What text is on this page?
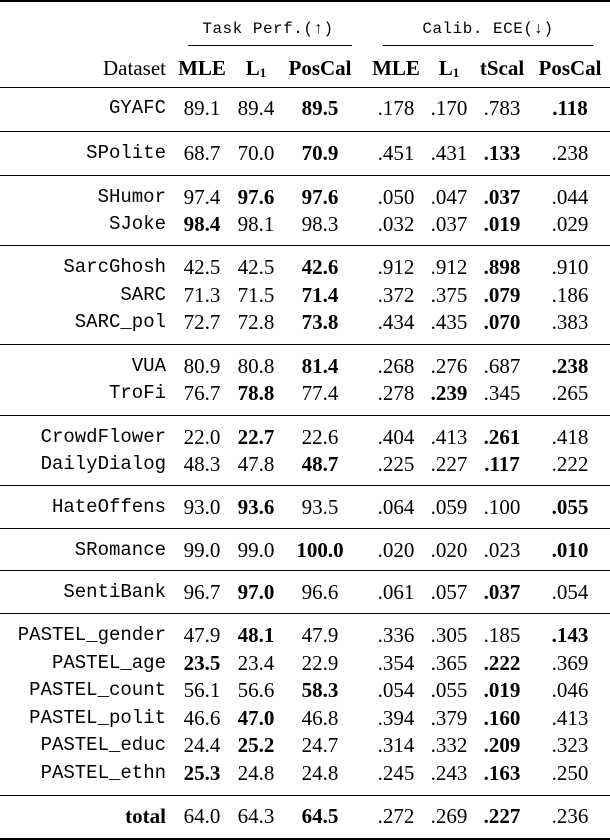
Task Perf.(↑)	Calib. ECE(↓)
Dataset MLE $L_1$ PosCal MLE $L_1$ tScal PosCal
GYAFC 89.1 89.4 89.5 .178 .170 .783 .118
SPolite 68.7 70.0 70.9 .451 .431 .133 .238
SHumor 97.4 97.6 97.6 .050 .047 .037 .044
SJoke 98.4 98.1 98.3 .032 .037 .019 .029
SarcGhosh 42.5 42.5 42.6 .912 .912 .898 .910
SARC 71.3 71.5 71.4 .372 .375 .079 .186
SARC_pol 72.7 72.8 73.8 .434 .435 .070 .383
VUA 80.9 80.8 81.4 .268 .276 .687 .238
TroFi 76.7 78.8 77.4 .278 .239 .345 .265
CrowdFlower 22.0 22.7 22.6 .404 .413 .261 .418
DailyDialog 48.3 47.8 48.7 .225 .227 .117 .222
HateOffens 93.0 93.6 93.5 .064 .059 .100 .055
SRomance 99.0 99.0 100.0 .020 .020 .023 .010
SentiBank 96.7 97.0 96.6 .061 .057 .037 .054
PASTEL_gender 47.9 48.1 47.9 .336 .305 .185 .143
PASTEL_age 23.5 23.4 22.9 .354 .365 .222 .369
PASTEL_count 56.1 56.6 58.3 .054 .055 .019 .046
PASTEL_polit 46.6 47.0 46.8 .394 .379 .160 .413
PASTEL_educ 24.4 25.2 24.7 .314 .332 .209 .323
PASTEL_ethn 25.3 24.8 24.8 .245 .243 .163 .250
total 64.0 64.3 64.5 .272 .269 .227 .236
